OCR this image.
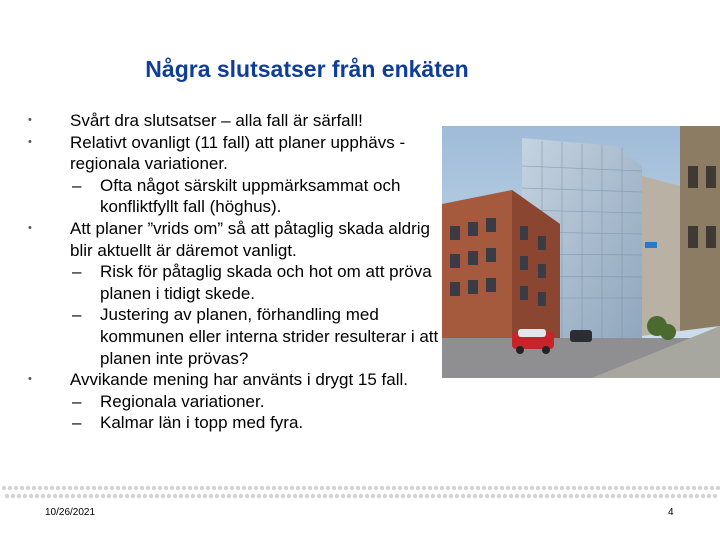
Några slutsatser från enkäten
• Svårt dra slutsatser – alla fall är särfall!
• Relativt ovanligt (11 fall) att planer upphävs - regionala variationer.
– Ofta något särskilt uppmärksammat och konfliktfyllt fall (höghus).
• Att planer ”vrids om” så att påtaglig skada aldrig blir aktuellt är däremot vanligt.
– Risk för påtaglig skada och hot om att pröva planen i tidigt skede.
– Justering av planen, förhandling med kommunen eller interna strider resulterar i att planen inte prövas?
• Avvikande mening har använts i drygt 15 fall.
– Regionala variationer.
– Kalmar län i topp med fyra.
10/26/2021	4
